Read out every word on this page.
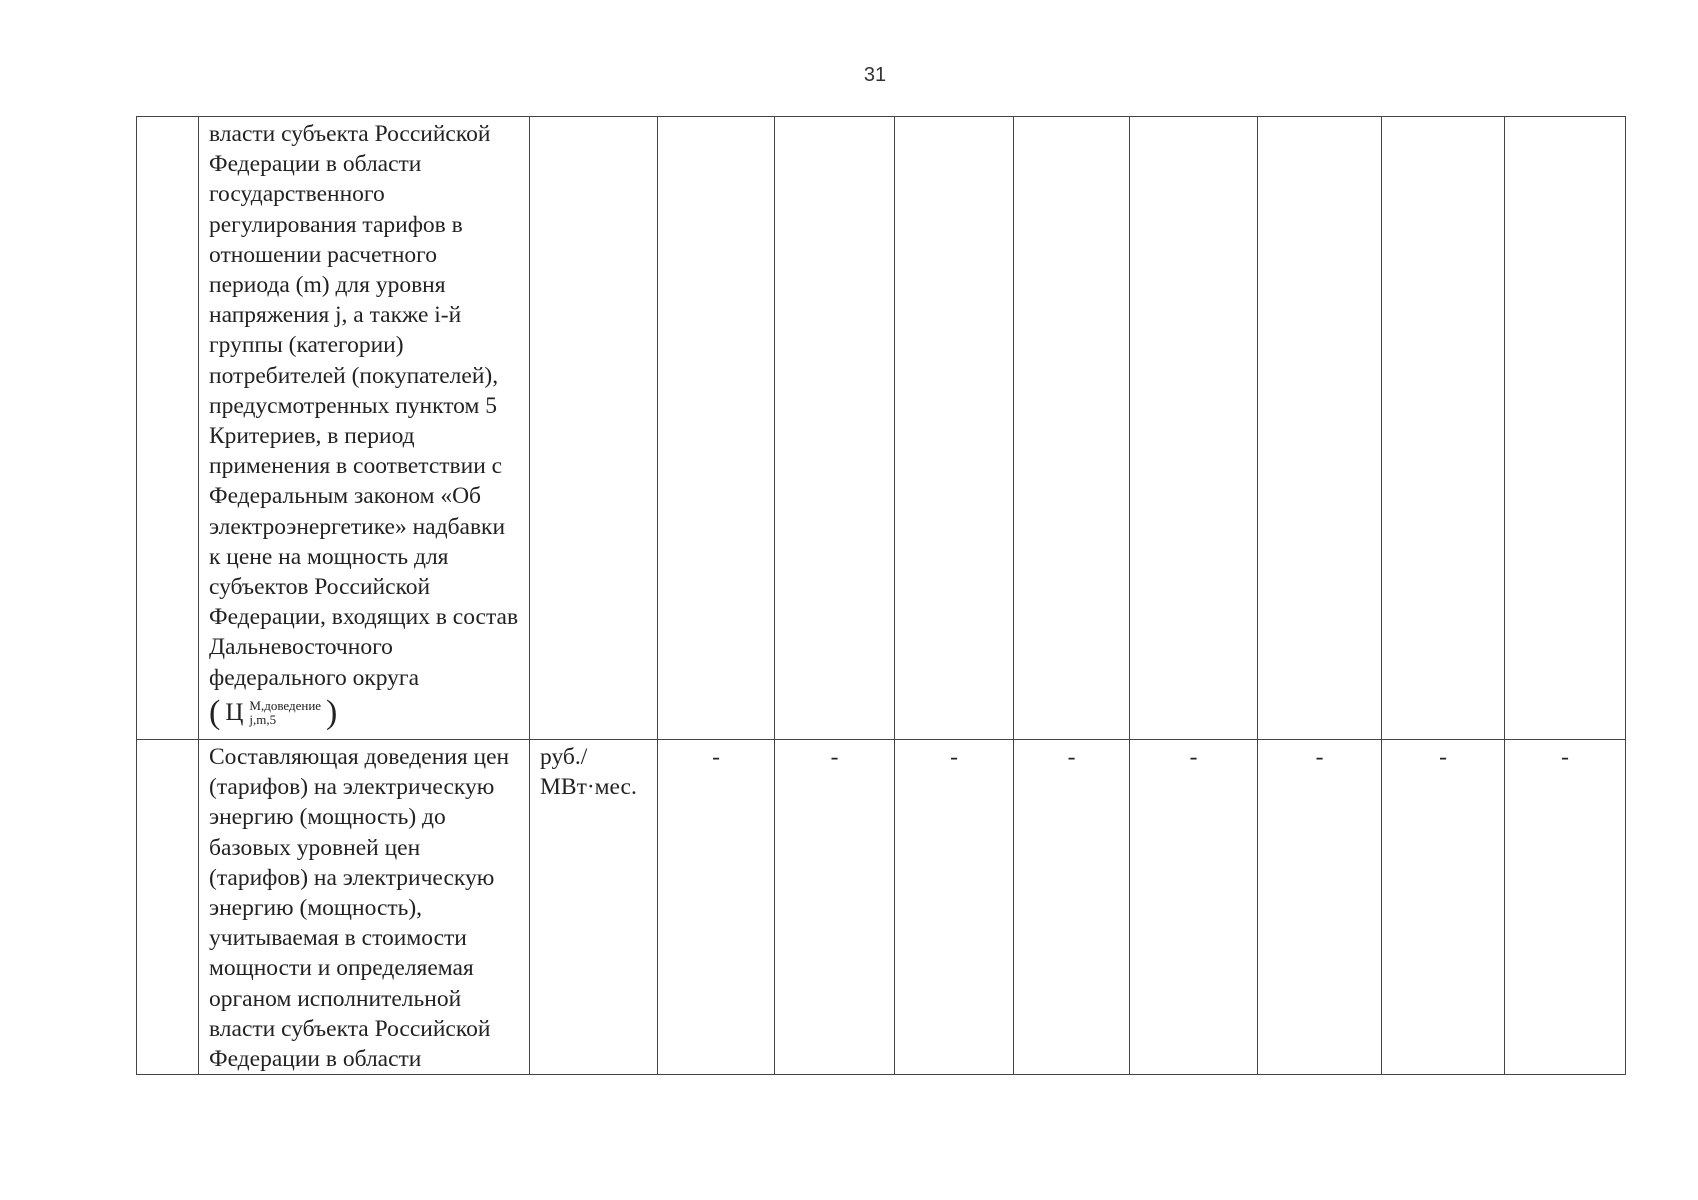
31
	власти субъекта Российской Федерации в области государственного регулирования тарифов в отношении расчетного периода (m) для уровня напряжения j, а также i-й группы (категории) потребителей (покупателей), предусмотренных пунктом 5 Критериев, в период применения в соответствии с Федеральным законом «Об электроэнергетике» надбавки к цене на мощность для субъектов Российской Федерации, входящих в состав Дальневосточного федерального округа
( Ц М,доведение
j,m,5 )									
	Составляющая доведения цен (тарифов) на электрическую энергию (мощность) до базовых уровней цен (тарифов) на электрическую энергию (мощность), учитываемая в стоимости мощности и определяемая органом исполнительной власти субъекта Российской Федерации в области	руб./ МВт·мес.	-	-	-	-	-	-	-	-
